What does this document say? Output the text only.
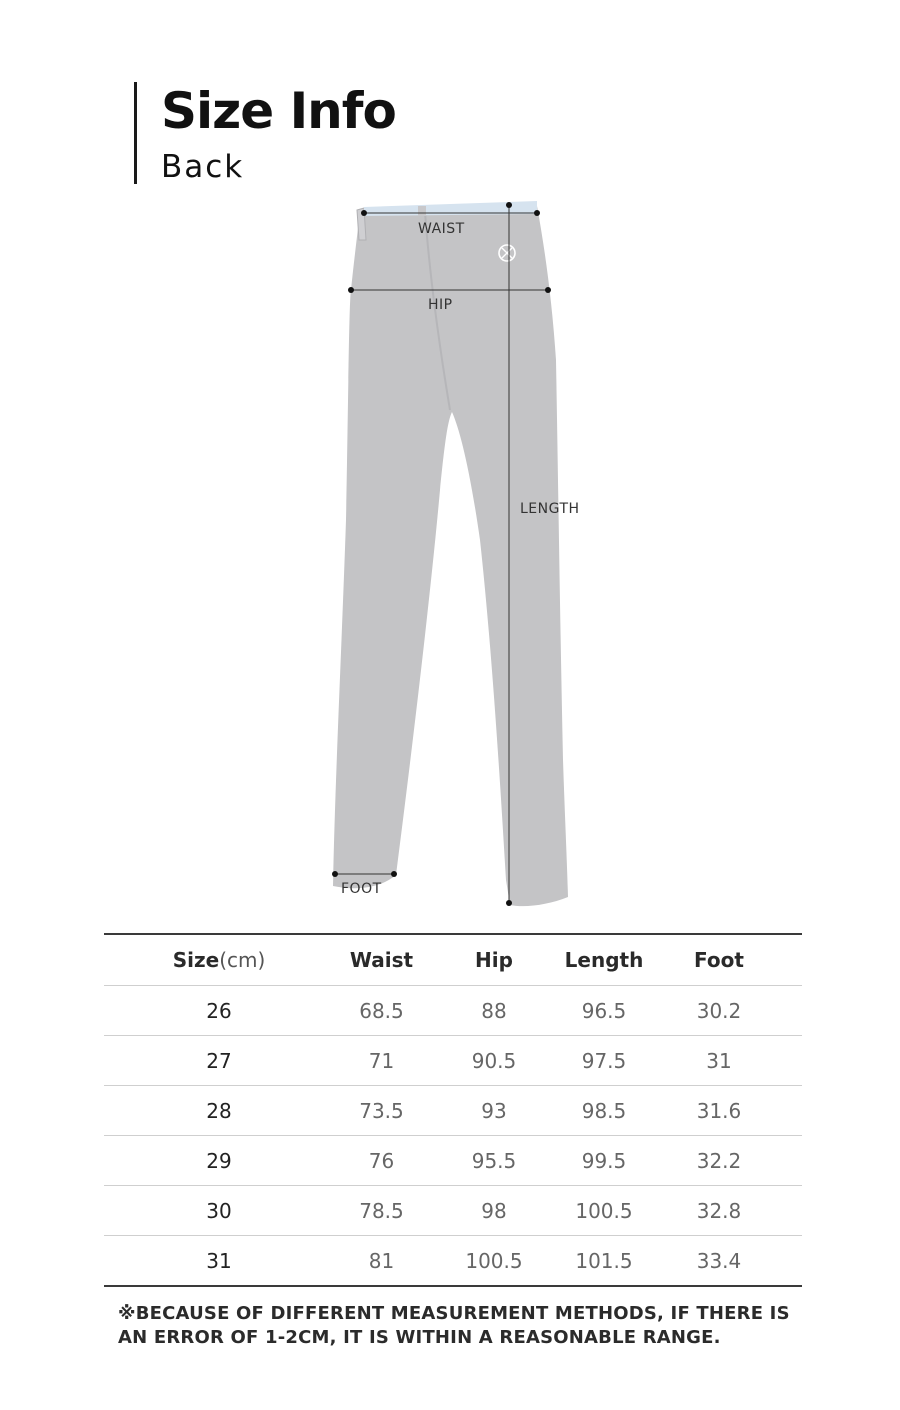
Size Info
Back
WAIST
HIP
LENGTH
FOOT
Size (cm)	Waist	Hip	Length	Foot
26	68.5	88	96.5	30.2
27	71	90.5	97.5	31
28	73.5	93	98.5	31.6
29	76	95.5	99.5	32.2
30	78.5	98	100.5	32.8
31	81	100.5	101.5	33.4
※BECAUSE OF DIFFERENT MEASUREMENT METHODS, IF THERE IS AN ERROR OF 1-2CM, IT IS WITHIN A REASONABLE RANGE.
